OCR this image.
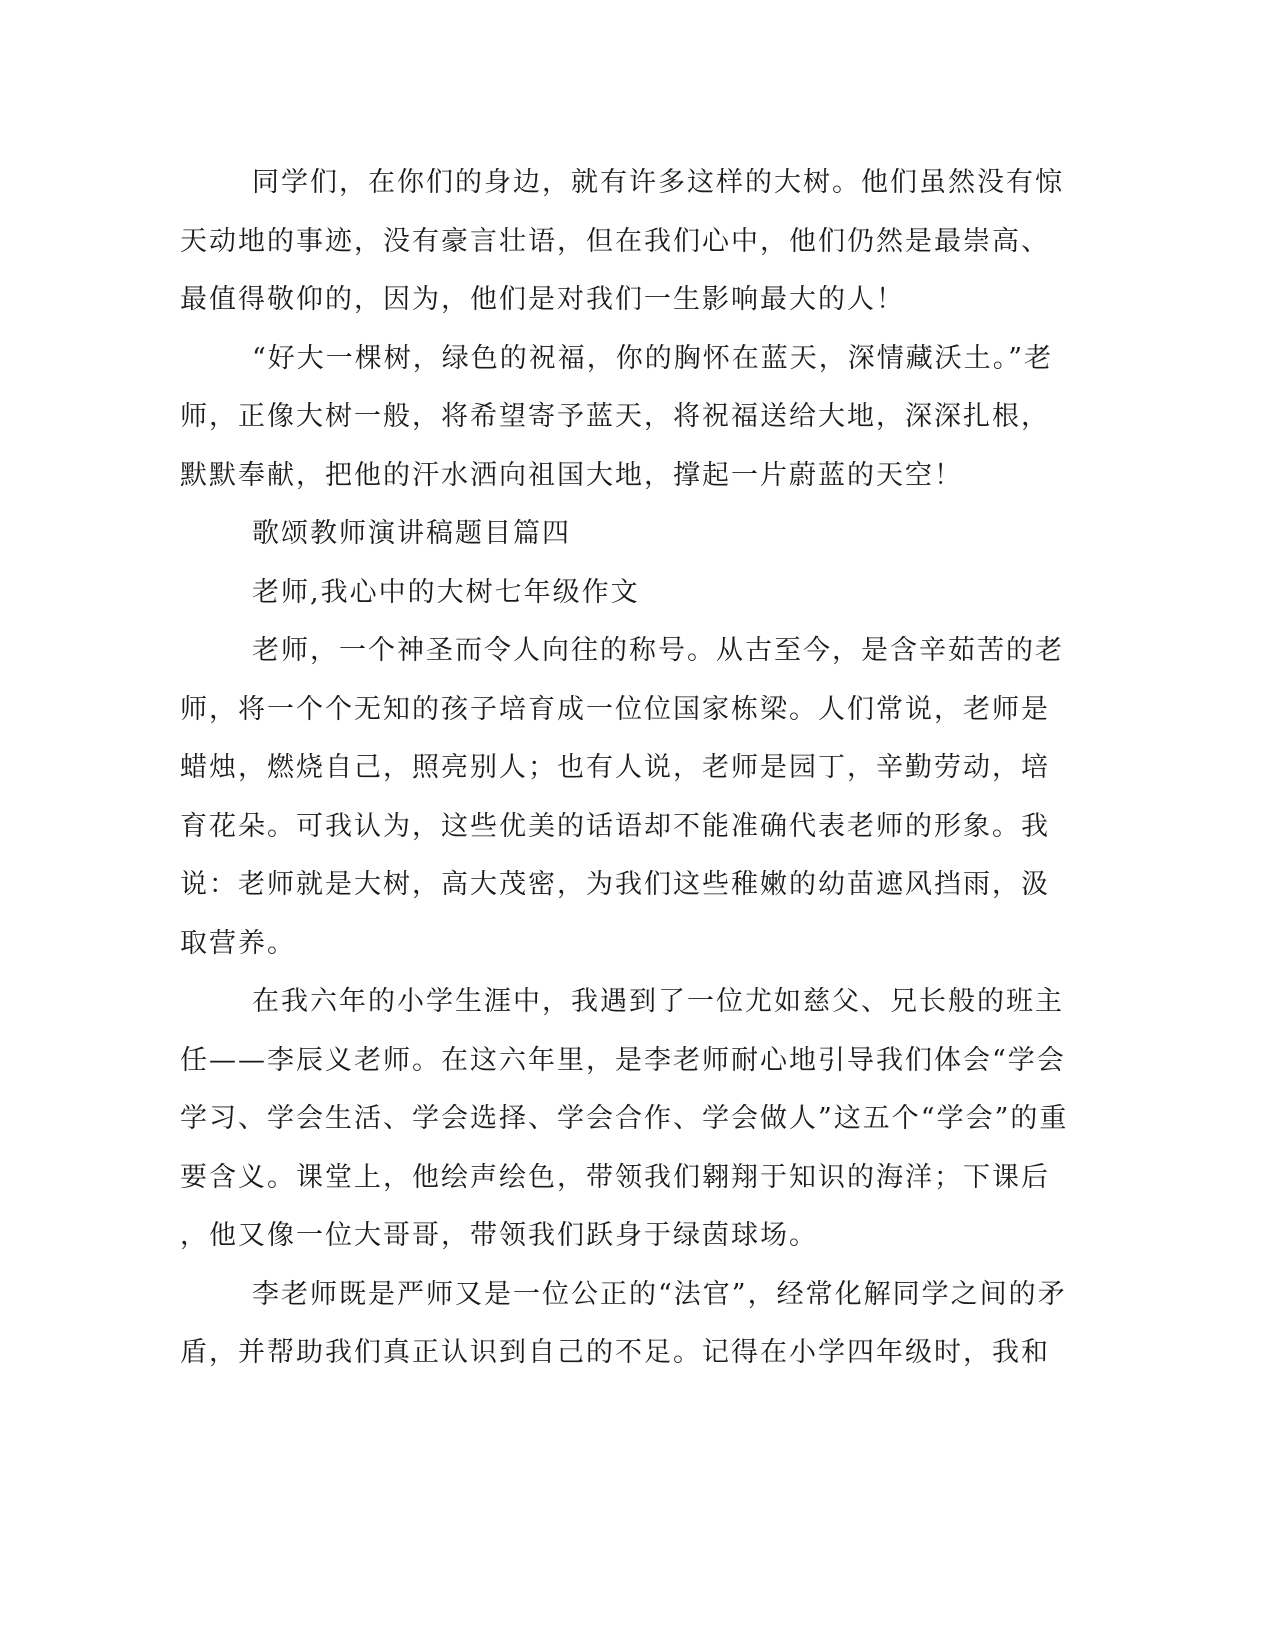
同学们，在你们的身边，就有许多这样的大树。他们虽然没有惊
天动地的事迹，没有豪言壮语，但在我们心中，他们仍然是最崇高、
最值得敬仰的，因为，他们是对我们一生影响最大的人！
“好大一棵树，绿色的祝福，你的胸怀在蓝天，深情藏沃土。”老
师，正像大树一般，将希望寄予蓝天，将祝福送给大地，深深扎根，
默默奉献，把他的汗水洒向祖国大地，撑起一片蔚蓝的天空！
歌颂教师演讲稿题目篇四
老师,我心中的大树七年级作文
老师，一个神圣而令人向往的称号。从古至今，是含辛茹苦的老
师，将一个个无知的孩子培育成一位位国家栋梁。人们常说，老师是
蜡烛，燃烧自己，照亮别人；也有人说，老师是园丁，辛勤劳动，培
育花朵。可我认为，这些优美的话语却不能准确代表老师的形象。我
说：老师就是大树，高大茂密，为我们这些稚嫩的幼苗遮风挡雨，汲
取营养。
在我六年的小学生涯中，我遇到了一位尤如慈父、兄长般的班主
任——李辰义老师。在这六年里，是李老师耐心地引导我们体会“学会
学习、学会生活、学会选择、学会合作、学会做人”这五个“学会”的重
要含义。课堂上，他绘声绘色，带领我们翱翔于知识的海洋；下课后
，他又像一位大哥哥，带领我们跃身于绿茵球场。
李老师既是严师又是一位公正的“法官”，经常化解同学之间的矛
盾，并帮助我们真正认识到自己的不足。记得在小学四年级时，我和
